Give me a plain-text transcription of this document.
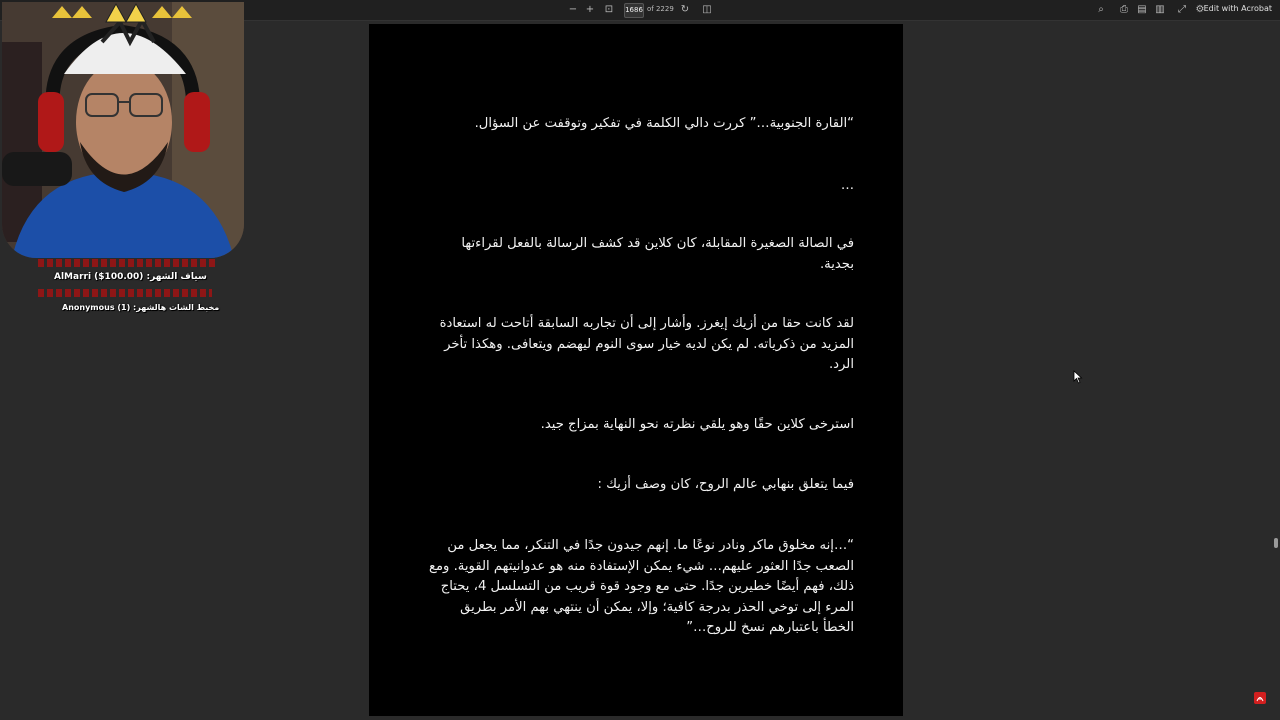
− + ⊡	1686 of 2229 ↻ ◫	⌕	⎙ ▤ ▥	⤢ ⚙ Edit with Acrobat
“القارة الجنوبية…” كررت دالي الكلمة في تفكير وتوقفت عن السؤال.
…
في الصالة الصغيرة المقابلة، كان كلاين قد كشف الرسالة بالفعل لقراءتها بجدية.
لقد كانت حقا من أزيك إيغرز. وأشار إلى أن تجاربه السابقة أتاحت له استعادة المزيد من ذكرياته. لم يكن لديه خيار سوى النوم ليهضم ويتعافى. وهكذا تأخر الرد.
استرخى كلاين حقًا وهو يلقي نظرته نحو النهاية بمزاج جيد.
فيما يتعلق بنهابي عالم الروح، كان وصف أزيك :
“…إنه مخلوق ماكر ونادر نوعًا ما. إنهم جيدون جدًا في التنكر، مما يجعل من الصعب جدًا العثور عليهم… شيء يمكن الإستفادة منه هو عدوانيتهم القوية. ومع ذلك، فهم أيضًا خطيرين جدًا. حتى مع وجود قوة قريب من التسلسل 4، يحتاج المرء إلى توخي الحذر بدرجة كافية؛ وإلا، يمكن أن ينتهي بهم الأمر بطريق الخطأ باعتبارهم نسخ للروح…”
سياف الشهر: AlMarri ($100.00)
مخبط الشات هالشهر: Anonymous (1)
